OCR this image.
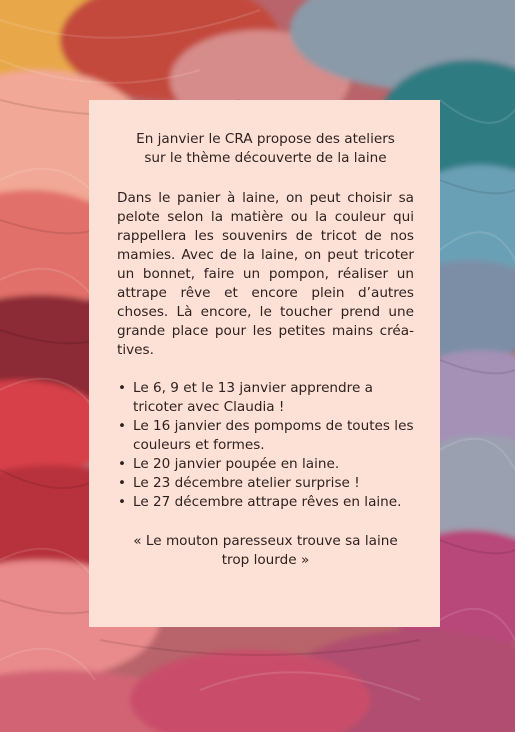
En janvier le CRA propose des ateliers
sur le thème découverte de la laine

Dans le panier à laine, on peut choisir sa pelote selon la matière ou la couleur qui rappellera les souvenirs de tricot de nos mamies. Avec de la laine, on peut tricoter un bonnet, faire un pompon, réaliser un attrape rêve et encore plein d’autres choses. Là encore, le toucher prend une grande place pour les petites mains créatives.

• Le 6, 9 et le 13 janvier apprendre a tricoter avec Claudia !
• Le 16 janvier des pompoms de toutes les couleurs et formes.
• Le 20 janvier poupée en laine.
• Le 23 décembre atelier surprise !
• Le 27 décembre attrape rêves en laine.

« Le mouton paresseux trouve sa laine
trop lourde »
